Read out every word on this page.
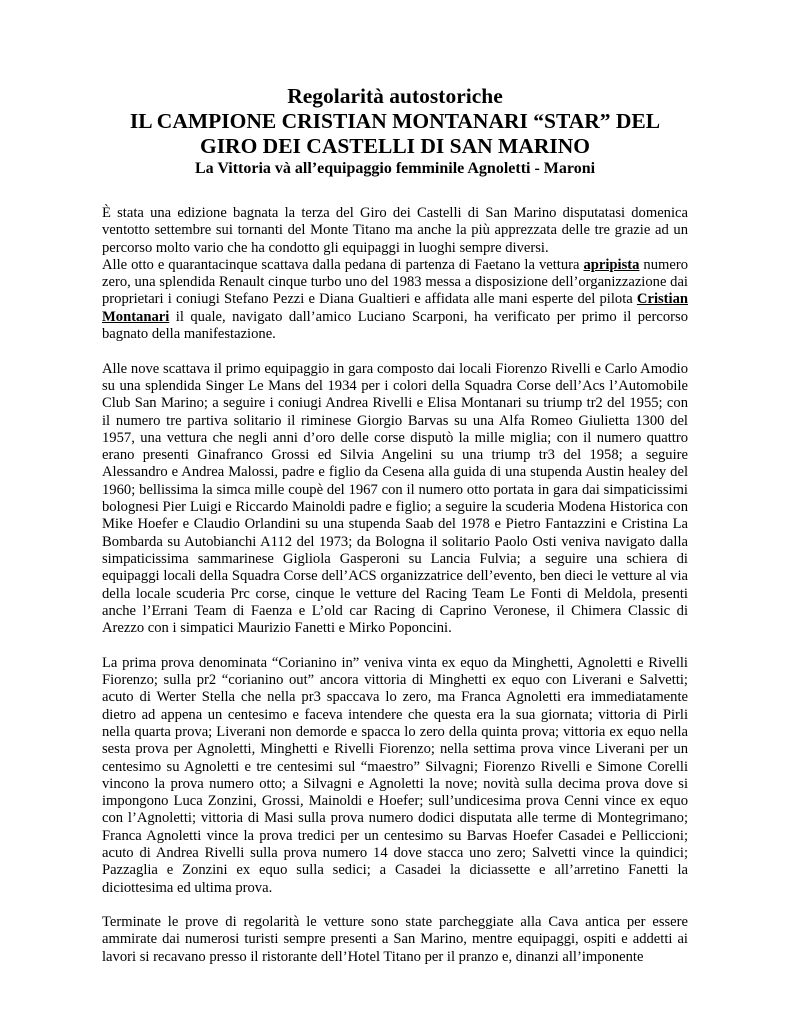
Regolarità autostoriche
IL CAMPIONE CRISTIAN MONTANARI “STAR” DEL GIRO DEI CASTELLI DI SAN MARINO
La Vittoria và all’equipaggio femminile Agnoletti - Maroni

È stata una edizione bagnata la terza del Giro dei Castelli di San Marino disputatasi domenica ventotto settembre sui tornanti del Monte Titano ma anche la più apprezzata delle tre grazie ad un percorso molto vario che ha condotto gli equipaggi in luoghi sempre diversi.

Alle otto e quarantacinque scattava dalla pedana di partenza di Faetano la vettura apripista numero zero, una splendida Renault cinque turbo uno del 1983 messa a disposizione dell’organizzazione dai proprietari i coniugi Stefano Pezzi e Diana Gualtieri e affidata alle mani esperte del pilota Cristian Montanari il quale, navigato dall’amico Luciano Scarponi, ha verificato per primo il percorso bagnato della manifestazione.

Alle nove scattava il primo equipaggio in gara composto dai locali Fiorenzo Rivelli e Carlo Amodio su una splendida Singer Le Mans del 1934 per i colori della Squadra Corse dell’Acs l’Automobile Club San Marino; a seguire i coniugi Andrea Rivelli e Elisa Montanari su triump tr2 del 1955; con il numero tre partiva solitario il riminese Giorgio Barvas su una Alfa Romeo Giulietta 1300 del 1957, una vettura che negli anni d’oro delle corse disputò la mille miglia; con il numero quattro erano presenti Ginafranco Grossi ed Silvia Angelini su una triump tr3 del 1958; a seguire Alessandro e Andrea Malossi, padre e figlio da Cesena alla guida di una stupenda Austin healey del 1960; bellissima la simca mille coupè del 1967 con il numero otto portata in gara dai simpaticissimi bolognesi Pier Luigi e Riccardo Mainoldi padre e figlio; a seguire la scuderia Modena Historica con Mike Hoefer e Claudio Orlandini su una stupenda Saab del 1978 e Pietro Fantazzini e Cristina La Bombarda su Autobianchi A112 del 1973; da Bologna il solitario Paolo Osti veniva navigato dalla simpaticissima sammarinese Gigliola Gasperoni su Lancia Fulvia; a seguire una schiera di equipaggi locali della Squadra Corse dell’ACS organizzatrice dell’evento, ben dieci le vetture al via della locale scuderia Prc corse, cinque le vetture del Racing Team Le Fonti di Meldola, presenti anche l’Errani Team di Faenza e L’old car Racing di Caprino Veronese, il Chimera Classic di Arezzo con i simpatici Maurizio Fanetti e Mirko Poponcini.

La prima prova denominata “Corianino in” veniva vinta ex equo da Minghetti, Agnoletti e Rivelli Fiorenzo; sulla pr2 “corianino out” ancora vittoria di Minghetti ex equo con Liverani e Salvetti; acuto di Werter Stella che nella pr3 spaccava lo zero, ma Franca Agnoletti era immediatamente dietro ad appena un centesimo e faceva intendere che questa era la sua giornata; vittoria di Pirli nella quarta prova; Liverani non demorde e spacca lo zero della quinta prova; vittoria ex equo nella sesta prova per Agnoletti, Minghetti e Rivelli Fiorenzo; nella settima prova vince Liverani per un centesimo su Agnoletti e tre centesimi sul “maestro” Silvagni; Fiorenzo Rivelli e Simone Corelli vincono la prova numero otto; a Silvagni e Agnoletti la nove; novità sulla decima prova dove si impongono Luca Zonzini, Grossi, Mainoldi e Hoefer; sull’undicesima prova Cenni vince ex equo con l’Agnoletti; vittoria di Masi sulla prova numero dodici disputata alle terme di Montegrimano; Franca Agnoletti vince la prova tredici per un centesimo su Barvas Hoefer Casadei e Pelliccioni; acuto di Andrea Rivelli sulla prova numero 14 dove stacca uno zero; Salvetti vince la quindici; Pazzaglia e Zonzini ex equo sulla sedici; a Casadei la diciassette e all’arretino Fanetti la diciottesima ed ultima prova.

Terminate le prove di regolarità le vetture sono state parcheggiate alla Cava antica per essere ammirate dai numerosi turisti sempre presenti a San Marino, mentre equipaggi, ospiti e addetti ai lavori si recavano presso il ristorante dell’Hotel Titano per il pranzo e, dinanzi all’imponente
